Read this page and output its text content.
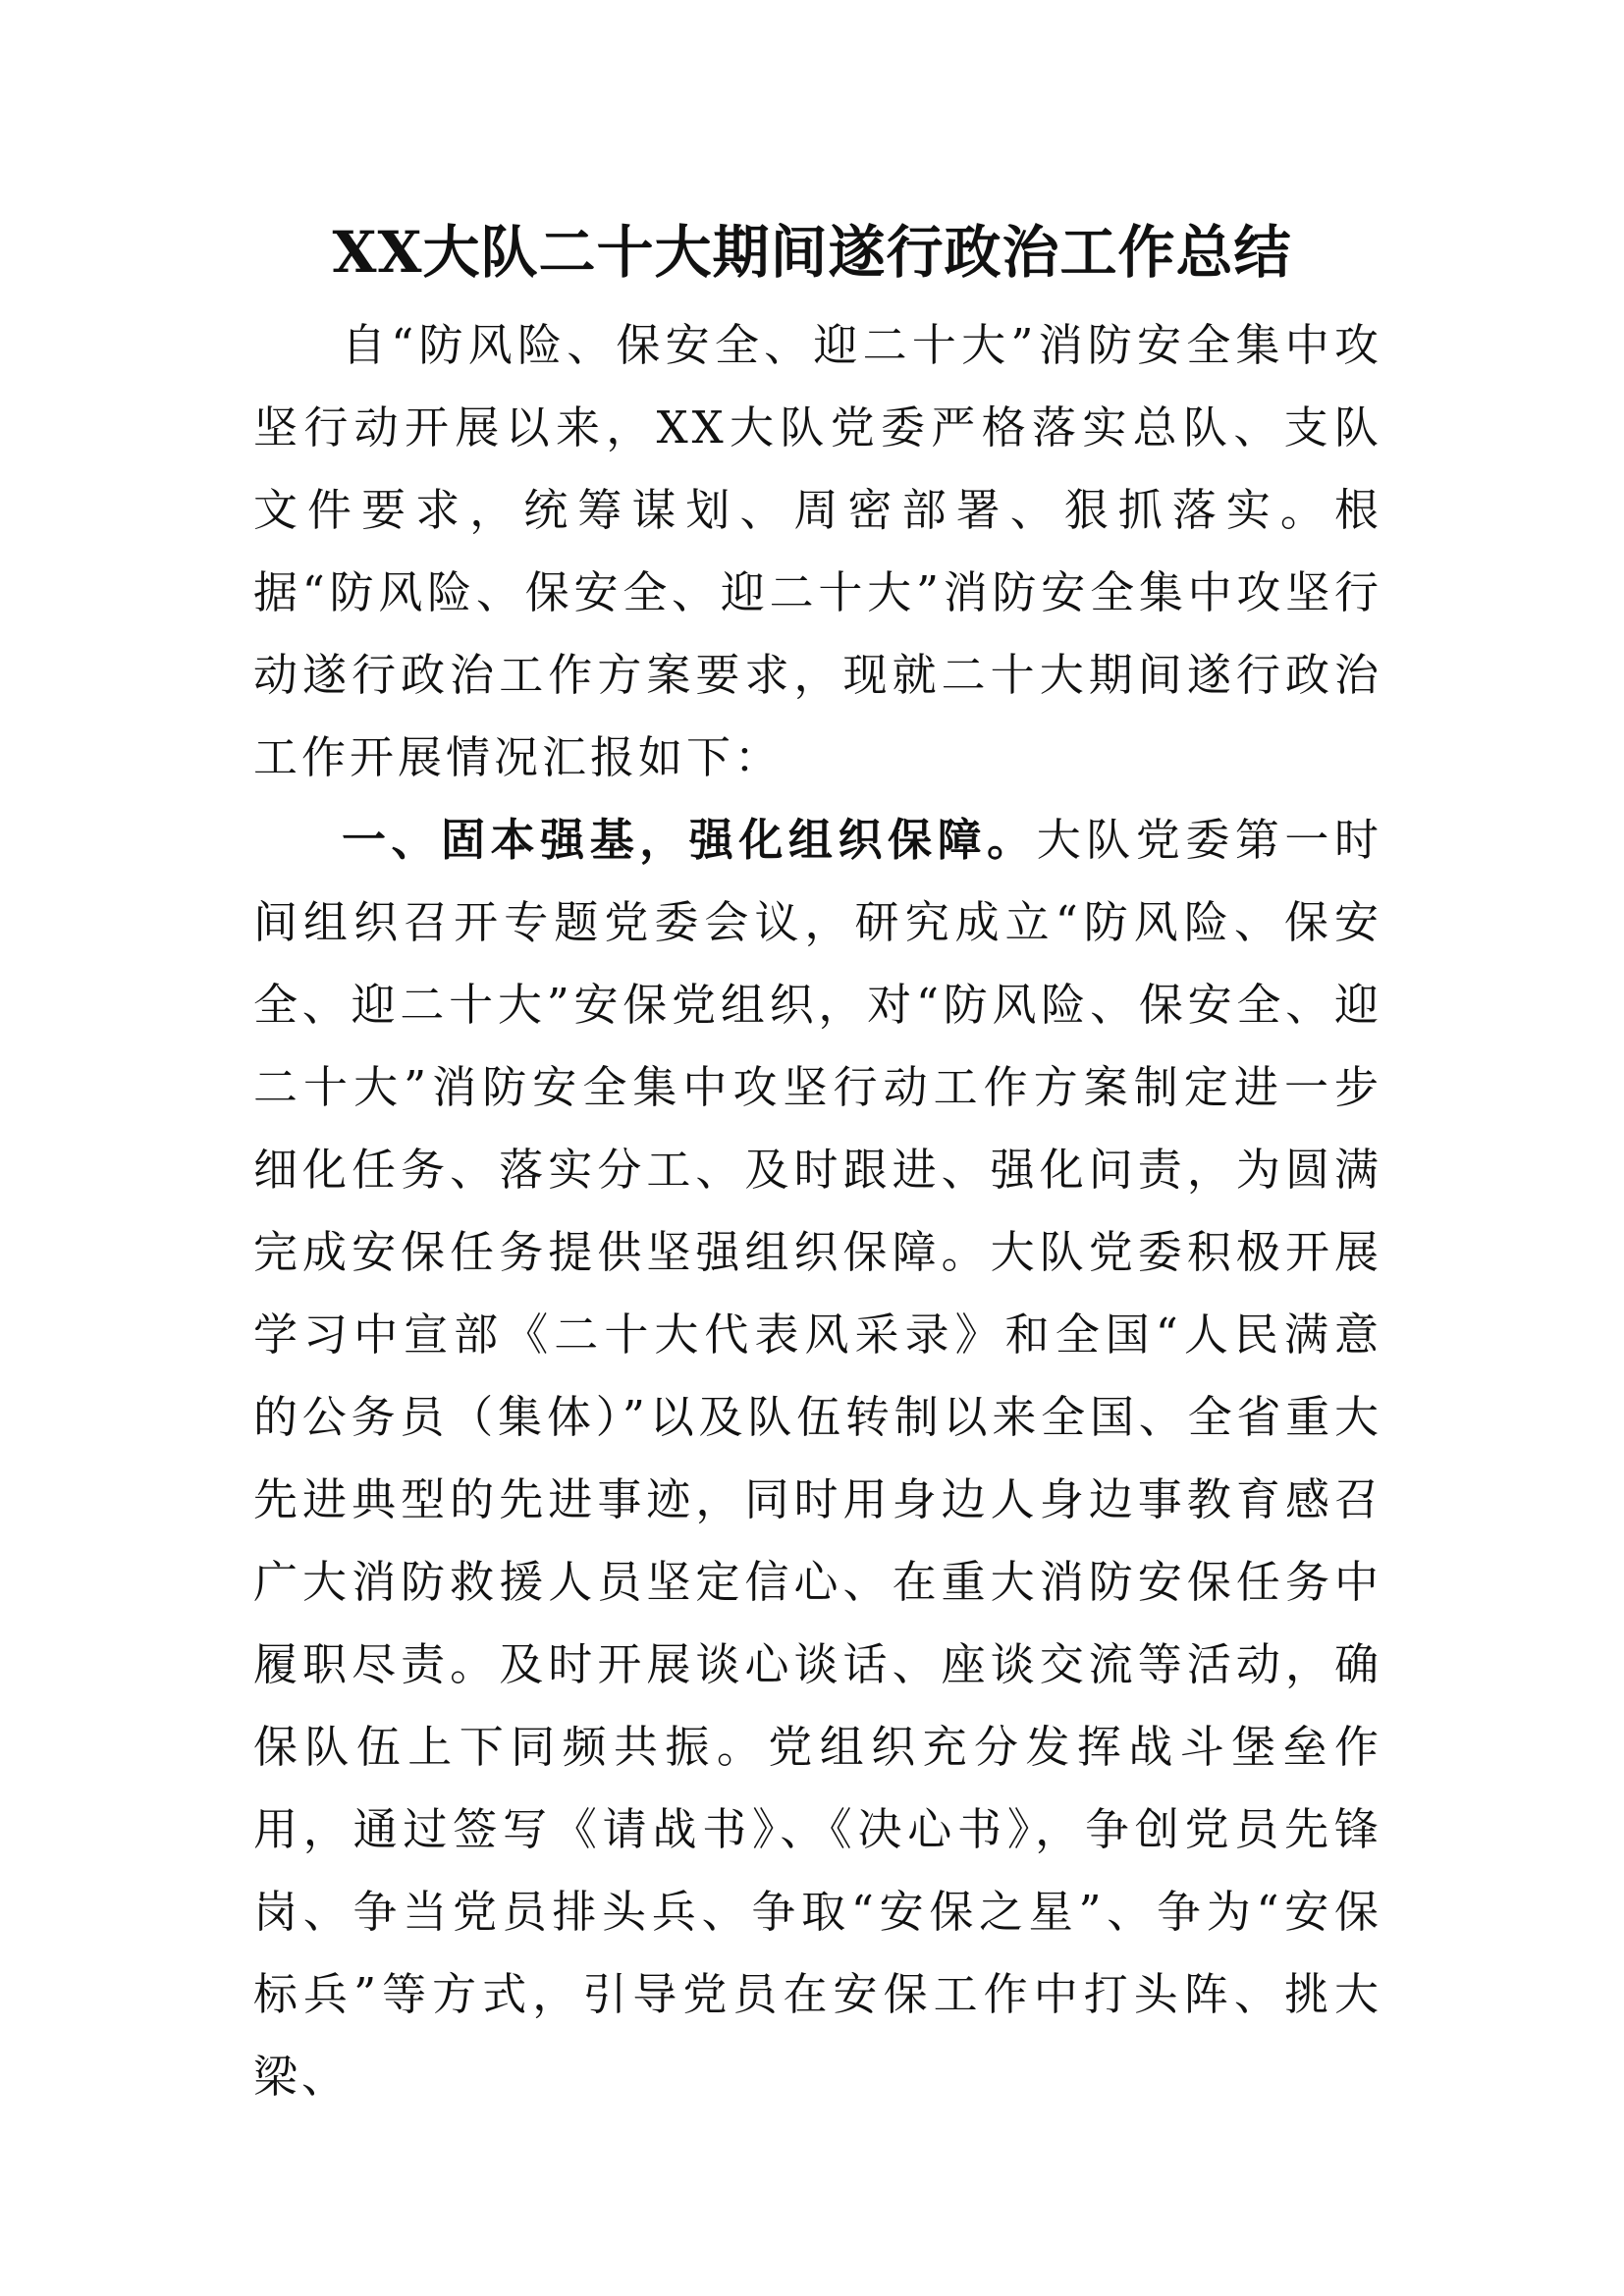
XX大队二十大期间遂行政治工作总结

自“防风险、保安全、迎二十大”消防安全集中攻坚行动开展以来，XX大队党委严格落实总队、支队文件要求，统筹谋划、周密部署、狠抓落实。根据“防风险、保安全、迎二十大”消防安全集中攻坚行动遂行政治工作方案要求，现就二十大期间遂行政治工作开展情况汇报如下：

一、固本强基，强化组织保障。大队党委第一时间组织召开专题党委会议，研究成立“防风险、保安全、迎二十大”安保党组织，对“防风险、保安全、迎二十大”消防安全集中攻坚行动工作方案制定进一步细化任务、落实分工、及时跟进、强化问责，为圆满完成安保任务提供坚强组织保障。大队党委积极开展学习中宣部《二十大代表风采录》和全国“人民满意的公务员（集体）”以及队伍转制以来全国、全省重大先进典型的先进事迹，同时用身边人身边事教育感召广大消防救援人员坚定信心、在重大消防安保任务中履职尽责。及时开展谈心谈话、座谈交流等活动，确保队伍上下同频共振。党组织充分发挥战斗堡垒作用，通过签写《请战书》、《决心书》，争创党员先锋岗、争当党员排头兵、争取“安保之星”、争为“安保标兵”等方式，引导党员在安保工作中打头阵、挑大梁、
